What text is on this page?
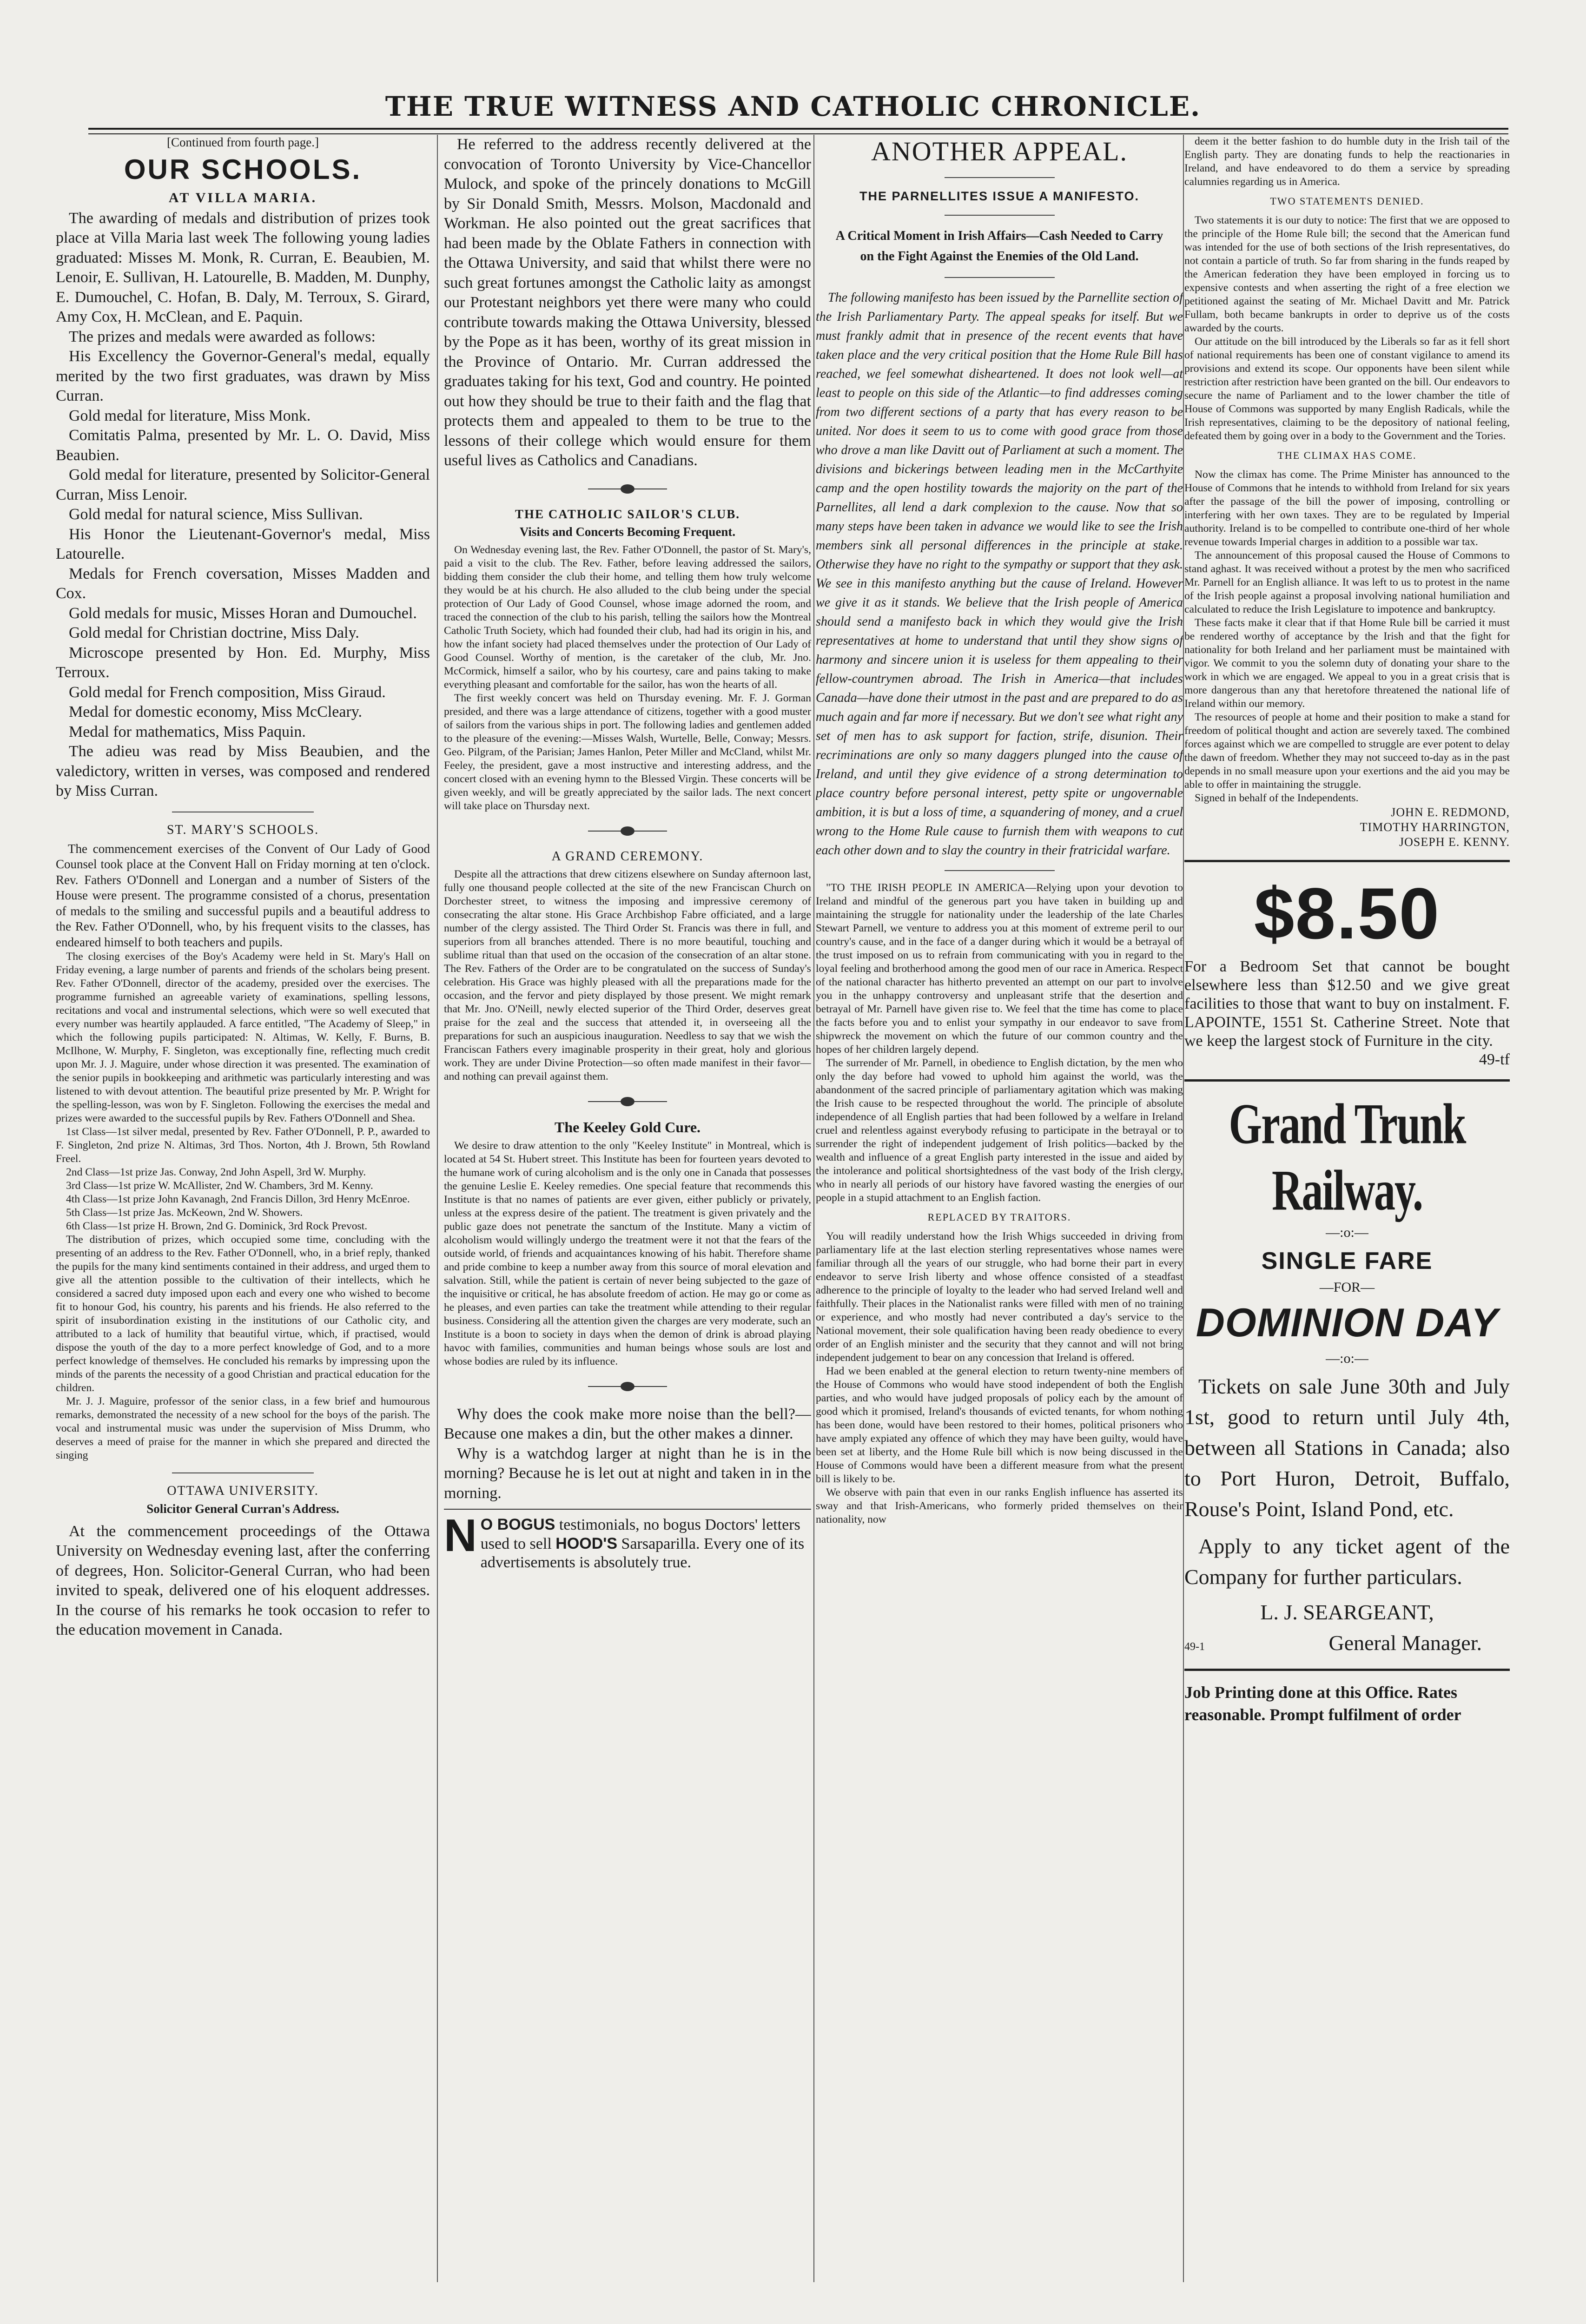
THE TRUE WITNESS AND CATHOLIC CHRONICLE.

[Continued from fourth page.]

OUR SCHOOLS.

AT VILLA MARIA.

The awarding of medals and distribution of prizes took place at Villa Maria last week The following young ladies graduated: Misses M. Monk, R. Curran, E. Beaubien, M. Lenoir, E. Sullivan, H. Latourelle, B. Madden, M. Dunphy, E. Dumouchel, C. Hofan, B. Daly, M. Terroux, S. Girard, Amy Cox, H. McClean, and E. Paquin.

The prizes and medals were awarded as follows:

His Excellency the Governor-General's medal, equally merited by the two first graduates, was drawn by Miss Curran.

Gold medal for literature, Miss Monk.

Comitatis Palma, presented by Mr. L. O. David, Miss Beaubien.

Gold medal for literature, presented by Solicitor-General Curran, Miss Lenoir.

Gold medal for natural science, Miss Sullivan.

His Honor the Lieutenant-Governor's medal, Miss Latourelle.

Medals for French coversation, Misses Madden and Cox.

Gold medals for music, Misses Horan and Dumouchel.

Gold medal for Christian doctrine, Miss Daly.

Microscope presented by Hon. Ed. Murphy, Miss Terroux.

Gold medal for French composition, Miss Giraud.

Medal for domestic economy, Miss McCleary.

Medal for mathematics, Miss Paquin.

The adieu was read by Miss Beaubien, and the valedictory, written in verses, was composed and rendered by Miss Curran.

ST. MARY'S SCHOOLS.

The commencement exercises of the Convent of Our Lady of Good Counsel took place at the Convent Hall on Friday morning at ten o'clock. Rev. Fathers O'Donnell and Lonergan and a number of Sisters of the House were present. The programme consisted of a chorus, presentation of medals to the smiling and successful pupils and a beautiful address to the Rev. Father O'Donnell, who, by his frequent visits to the classes, has endeared himself to both teachers and pupils.

The closing exercises of the Boy's Academy were held in St. Mary's Hall on Friday evening, a large number of parents and friends of the scholars being present. Rev. Father O'Donnell, director of the academy, presided over the exercises. The programme furnished an agreeable variety of examinations, spelling lessons, recitations and vocal and instrumental selections, which were so well executed that every number was heartily applauded. A farce entitled, "The Academy of Sleep," in which the following pupils participated: N. Altimas, W. Kelly, F. Burns, B. McIlhone, W. Murphy, F. Singleton, was exceptionally fine, reflecting much credit upon Mr. J. J. Maguire, under whose direction it was presented. The examination of the senior pupils in bookkeeping and arithmetic was particularly interesting and was listened to with devout attention. The beautiful prize presented by Mr. P. Wright for the spelling-lesson, was won by F. Singleton. Following the exercises the medal and prizes were awarded to the successful pupils by Rev. Fathers O'Donnell and Shea.

1st Class—1st silver medal, presented by Rev. Father O'Donnell, P. P., awarded to F. Singleton, 2nd prize N. Altimas, 3rd Thos. Norton, 4th J. Brown, 5th Rowland Freel.

2nd Class—1st prize Jas. Conway, 2nd John Aspell, 3rd W. Murphy.

3rd Class—1st prize W. McAllister, 2nd W. Chambers, 3rd M. Kenny.

4th Class—1st prize John Kavanagh, 2nd Francis Dillon, 3rd Henry McEnroe.

5th Class—1st prize Jas. McKeown, 2nd W. Showers.

6th Class—1st prize H. Brown, 2nd G. Dominick, 3rd Rock Prevost.

The distribution of prizes, which occupied some time, concluding with the presenting of an address to the Rev. Father O'Donnell, who, in a brief reply, thanked the pupils for the many kind sentiments contained in their address, and urged them to give all the attention possible to the cultivation of their intellects, which he considered a sacred duty imposed upon each and every one who wished to become fit to honour God, his country, his parents and his friends. He also referred to the spirit of insubordination existing in the institutions of our Catholic city, and attributed to a lack of humility that beautiful virtue, which, if practised, would dispose the youth of the day to a more perfect knowledge of God, and to a more perfect knowledge of themselves. He concluded his remarks by impressing upon the minds of the parents the necessity of a good Christian and practical education for the children.

Mr. J. J. Maguire, professor of the senior class, in a few brief and humourous remarks, demonstrated the necessity of a new school for the boys of the parish. The vocal and instrumental music was under the supervision of Miss Drumm, who deserves a meed of praise for the manner in which she prepared and directed the singing

OTTAWA UNIVERSITY.

Solicitor General Curran's Address.

At the commencement proceedings of the Ottawa University on Wednesday evening last, after the conferring of degrees, Hon. Solicitor-General Curran, who had been invited to speak, delivered one of his eloquent addresses. In the course of his remarks he took occasion to refer to the education movement in Canada.

He referred to the address recently delivered at the convocation of Toronto University by Vice-Chancellor Mulock, and spoke of the princely donations to McGill by Sir Donald Smith, Messrs. Molson, Macdonald and Workman. He also pointed out the great sacrifices that had been made by the Oblate Fathers in connection with the Ottawa University, and said that whilst there were no such great fortunes amongst the Catholic laity as amongst our Protestant neighbors yet there were many who could contribute towards making the Ottawa University, blessed by the Pope as it has been, worthy of its great mission in the Province of Ontario. Mr. Curran addressed the graduates taking for his text, God and country. He pointed out how they should be true to their faith and the flag that protects them and appealed to them to be true to the lessons of their college which would ensure for them useful lives as Catholics and Canadians.

THE CATHOLIC SAILOR'S CLUB.

Visits and Concerts Becoming Frequent.

On Wednesday evening last, the Rev. Father O'Donnell, the pastor of St. Mary's, paid a visit to the club. The Rev. Father, before leaving addressed the sailors, bidding them consider the club their home, and telling them how truly welcome they would be at his church. He also alluded to the club being under the special protection of Our Lady of Good Counsel, whose image adorned the room, and traced the connection of the club to his parish, telling the sailors how the Montreal Catholic Truth Society, which had founded their club, had had its origin in his, and how the infant society had placed themselves under the protection of Our Lady of Good Counsel. Worthy of mention, is the caretaker of the club, Mr. Jno. McCormick, himself a sailor, who by his courtesy, care and pains taking to make everything pleasant and comfortable for the sailor, has won the hearts of all.

The first weekly concert was held on Thursday evening. Mr. F. J. Gorman presided, and there was a large attendance of citizens, together with a good muster of sailors from the various ships in port. The following ladies and gentlemen added to the pleasure of the evening:—Misses Walsh, Wurtelle, Belle, Conway; Messrs. Geo. Pilgram, of the Parisian; James Hanlon, Peter Miller and McCland, whilst Mr. Feeley, the president, gave a most instructive and interesting address, and the concert closed with an evening hymn to the Blessed Virgin. These concerts will be given weekly, and will be greatly appreciated by the sailor lads. The next concert will take place on Thursday next.

A GRAND CEREMONY.

Despite all the attractions that drew citizens elsewhere on Sunday afternoon last, fully one thousand people collected at the site of the new Franciscan Church on Dorchester street, to witness the imposing and impressive ceremony of consecrating the altar stone. His Grace Archbishop Fabre officiated, and a large number of the clergy assisted. The Third Order St. Francis was there in full, and superiors from all branches attended. There is no more beautiful, touching and sublime ritual than that used on the occasion of the consecration of an altar stone. The Rev. Fathers of the Order are to be congratulated on the success of Sunday's celebration. His Grace was highly pleased with all the preparations made for the occasion, and the fervor and piety displayed by those present. We might remark that Mr. Jno. O'Neill, newly elected superior of the Third Order, deserves great praise for the zeal and the success that attended it, in overseeing all the preparations for such an auspicious inauguration. Needless to say that we wish the Franciscan Fathers every imaginable prosperity in their great, holy and glorious work. They are under Divine Protection—so often made manifest in their favor—and nothing can prevail against them.

The Keeley Gold Cure.

We desire to draw attention to the only "Keeley Institute" in Montreal, which is located at 54 St. Hubert street. This Institute has been for fourteen years devoted to the humane work of curing alcoholism and is the only one in Canada that possesses the genuine Leslie E. Keeley remedies. One special feature that recommends this Institute is that no names of patients are ever given, either publicly or privately, unless at the express desire of the patient. The treatment is given privately and the public gaze does not penetrate the sanctum of the Institute. Many a victim of alcoholism would willingly undergo the treatment were it not that the fears of the outside world, of friends and acquaintances knowing of his habit. Therefore shame and pride combine to keep a number away from this source of moral elevation and salvation. Still, while the patient is certain of never being subjected to the gaze of the inquisitive or critical, he has absolute freedom of action. He may go or come as he pleases, and even parties can take the treatment while attending to their regular business. Considering all the attention given the charges are very moderate, such an Institute is a boon to society in days when the demon of drink is abroad playing havoc with families, communities and human beings whose souls are lost and whose bodies are ruled by its influence.

Why does the cook make more noise than the bell?—Because one makes a din, but the other makes a dinner.

Why is a watchdog larger at night than he is in the morning? Because he is let out at night and taken in in the morning.

N O BOGUS testimonials, no bogus Doctors' letters used to sell HOOD'S Sarsaparilla. Every one of its advertisements is absolutely true.
ANOTHER APPEAL.

THE PARNELLITES ISSUE A MANIFESTO.

A Critical Moment in Irish Affairs—Cash Needed to Carry on the Fight Against the Enemies of the Old Land.

The following manifesto has been issued by the Parnellite section of the Irish Parliamentary Party. The appeal speaks for itself. But we must frankly admit that in presence of the recent events that have taken place and the very critical position that the Home Rule Bill has reached, we feel somewhat disheartened. It does not look well—at least to people on this side of the Atlantic—to find addresses coming from two different sections of a party that has every reason to be united. Nor does it seem to us to come with good grace from those who drove a man like Davitt out of Parliament at such a moment. The divisions and bickerings between leading men in the McCarthyite camp and the open hostility towards the majority on the part of the Parnellites, all lend a dark complexion to the cause. Now that so many steps have been taken in advance we would like to see the Irish members sink all personal differences in the principle at stake. Otherwise they have no right to the sympathy or support that they ask. We see in this manifesto anything but the cause of Ireland. However we give it as it stands. We believe that the Irish people of America should send a manifesto back in which they would give the Irish representatives at home to understand that until they show signs of harmony and sincere union it is useless for them appealing to their fellow-countrymen abroad. The Irish in America—that includes Canada—have done their utmost in the past and are prepared to do as much again and far more if necessary. But we don't see what right any set of men has to ask support for faction, strife, disunion. Their recriminations are only so many daggers plunged into the cause of Ireland, and until they give evidence of a strong determination to place country before personal interest, petty spite or ungovernable ambition, it is but a loss of time, a squandering of money, and a cruel wrong to the Home Rule cause to furnish them with weapons to cut each other down and to slay the country in their fratricidal warfare.

"TO THE IRISH PEOPLE IN AMERICA—Relying upon your devotion to Ireland and mindful of the generous part you have taken in building up and maintaining the struggle for nationality under the leadership of the late Charles Stewart Parnell, we venture to address you at this moment of extreme peril to our country's cause, and in the face of a danger during which it would be a betrayal of the trust imposed on us to refrain from communicating with you in regard to the loyal feeling and brotherhood among the good men of our race in America. Respect of the national character has hitherto prevented an attempt on our part to involve you in the unhappy controversy and unpleasant strife that the desertion and betrayal of Mr. Parnell have given rise to. We feel that the time has come to place the facts before you and to enlist your sympathy in our endeavor to save from shipwreck the movement on which the future of our common country and the hopes of her children largely depend.

The surrender of Mr. Parnell, in obedience to English dictation, by the men who only the day before had vowed to uphold him against the world, was the abandonment of the sacred principle of parliamentary agitation which was making the Irish cause to be respected throughout the world. The principle of absolute independence of all English parties that had been followed by a welfare in Ireland cruel and relentless against everybody refusing to participate in the betrayal or to surrender the right of independent judgement of Irish politics—backed by the wealth and influence of a great English party interested in the issue and aided by the intolerance and political shortsightedness of the vast body of the Irish clergy, who in nearly all periods of our history have favored wasting the energies of our people in a stupid attachment to an English faction.

REPLACED BY TRAITORS.

You will readily understand how the Irish Whigs succeeded in driving from parliamentary life at the last election sterling representatives whose names were familiar through all the years of our struggle, who had borne their part in every endeavor to serve Irish liberty and whose offence consisted of a steadfast adherence to the principle of loyalty to the leader who had served Ireland well and faithfully. Their places in the Nationalist ranks were filled with men of no training or experience, and who mostly had never contributed a day's service to the National movement, their sole qualification having been ready obedience to every order of an English minister and the security that they cannot and will not bring independent judgement to bear on any concession that Ireland is offered.

Had we been enabled at the general election to return twenty-nine members of the House of Commons who would have stood independent of both the English parties, and who would have judged proposals of policy each by the amount of good which it promised, Ireland's thousands of evicted tenants, for whom nothing has been done, would have been restored to their homes, political prisoners who have amply expiated any offence of which they may have been guilty, would have been set at liberty, and the Home Rule bill which is now being discussed in the House of Commons would have been a different measure from what the present bill is likely to be.

We observe with pain that even in our ranks English influence has asserted its sway and that Irish-Americans, who formerly prided themselves on their nationality, now

deem it the better fashion to do humble duty in the Irish tail of the English party. They are donating funds to help the reactionaries in Ireland, and have endeavored to do them a service by spreading calumnies regarding us in America.

TWO STATEMENTS DENIED.

Two statements it is our duty to notice: The first that we are opposed to the principle of the Home Rule bill; the second that the American fund was intended for the use of both sections of the Irish representatives, do not contain a particle of truth. So far from sharing in the funds reaped by the American federation they have been employed in forcing us to expensive contests and when asserting the right of a free election we petitioned against the seating of Mr. Michael Davitt and Mr. Patrick Fullam, both became bankrupts in order to deprive us of the costs awarded by the courts.

Our attitude on the bill introduced by the Liberals so far as it fell short of national requirements has been one of constant vigilance to amend its provisions and extend its scope. Our opponents have been silent while restriction after restriction have been granted on the bill. Our endeavors to secure the name of Parliament and to the lower chamber the title of House of Commons was supported by many English Radicals, while the Irish representatives, claiming to be the depository of national feeling, defeated them by going over in a body to the Government and the Tories.

THE CLIMAX HAS COME.

Now the climax has come. The Prime Minister has announced to the House of Commons that he intends to withhold from Ireland for six years after the passage of the bill the power of imposing, controlling or interfering with her own taxes. They are to be regulated by Imperial authority. Ireland is to be compelled to contribute one-third of her whole revenue towards Imperial charges in addition to a possible war tax.

The announcement of this proposal caused the House of Commons to stand aghast. It was received without a protest by the men who sacrificed Mr. Parnell for an English alliance. It was left to us to protest in the name of the Irish people against a proposal involving national humiliation and calculated to reduce the Irish Legislature to impotence and bankruptcy.

These facts make it clear that if that Home Rule bill be carried it must be rendered worthy of acceptance by the Irish and that the fight for nationality for both Ireland and her parliament must be maintained with vigor. We commit to you the solemn duty of donating your share to the work in which we are engaged. We appeal to you in a great crisis that is more dangerous than any that heretofore threatened the national life of Ireland within our memory.

The resources of people at home and their position to make a stand for freedom of political thought and action are severely taxed. The combined forces against which we are compelled to struggle are ever potent to delay the dawn of freedom. Whether they may not succeed to-day as in the past depends in no small measure upon your exertions and the aid you may be able to offer in maintaining the struggle.

Signed in behalf of the Independents.

JOHN E. REDMOND,

TIMOTHY HARRINGTON,

JOSEPH E. KENNY.

$8.50

For a Bedroom Set that cannot be bought elsewhere less than $12.50 and we give great facilities to those that want to buy on instalment. F. LAPOINTE, 1551 St. Catherine Street. Note that we keep the largest stock of Furniture in the city.

49-tf

Grand Trunk Railway.
—:o:—
SINGLE FARE
—FOR—
DOMINION DAY
—:o:—

Tickets on sale June 30th and July 1st, good to return until July 4th, between all Stations in Canada; also to Port Huron, Detroit, Buffalo, Rouse's Point, Island Pond, etc.

Apply to any ticket agent of the Company for further particulars.

L. J. SEARGEANT,

49-1	General Manager.

Job Printing done at this Office. Rates reasonable. Prompt fulfilment of order
